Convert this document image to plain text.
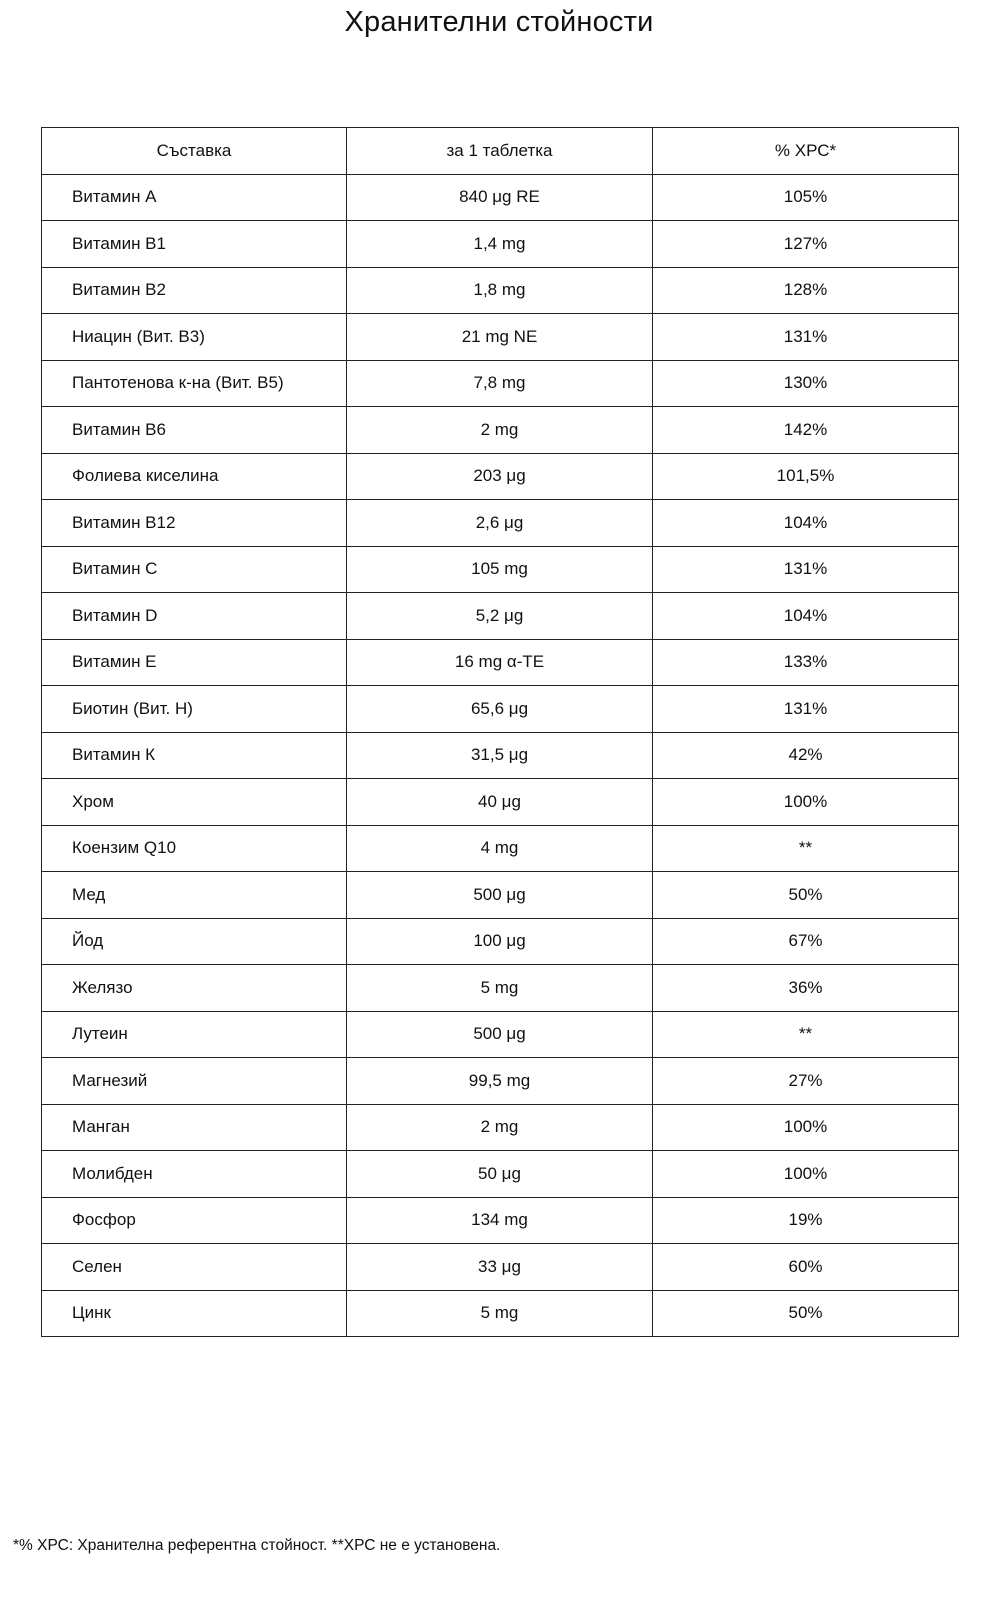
Хранителни стойности
Съставка	за 1 таблетка	% ХРС*
Витамин А	840 μg RE	105%
Витамин В1	1,4 mg	127%
Витамин В2	1,8 mg	128%
Ниацин (Вит. В3)	21 mg NE	131%
Пантотенова к-на (Вит. В5)	7,8 mg	130%
Витамин В6	2 mg	142%
Фолиева киселина	203 μg	101,5%
Витамин В12	2,6 μg	104%
Витамин С	105 mg	131%
Витамин D	5,2 μg	104%
Витамин Е	16 mg α-TE	133%
Биотин (Вит. Н)	65,6 μg	131%
Витамин К	31,5 μg	42%
Хром	40 μg	100%
Коензим Q10	4 mg	**
Мед	500 μg	50%
Йод	100 μg	67%
Желязо	5 mg	36%
Лутеин	500 μg	**
Магнезий	99,5 mg	27%
Манган	2 mg	100%
Молибден	50 μg	100%
Фосфор	134 mg	19%
Селен	33 μg	60%
Цинк	5 mg	50%

*% ХРС: Хранителна референтна стойност. **ХРС не е установена.
